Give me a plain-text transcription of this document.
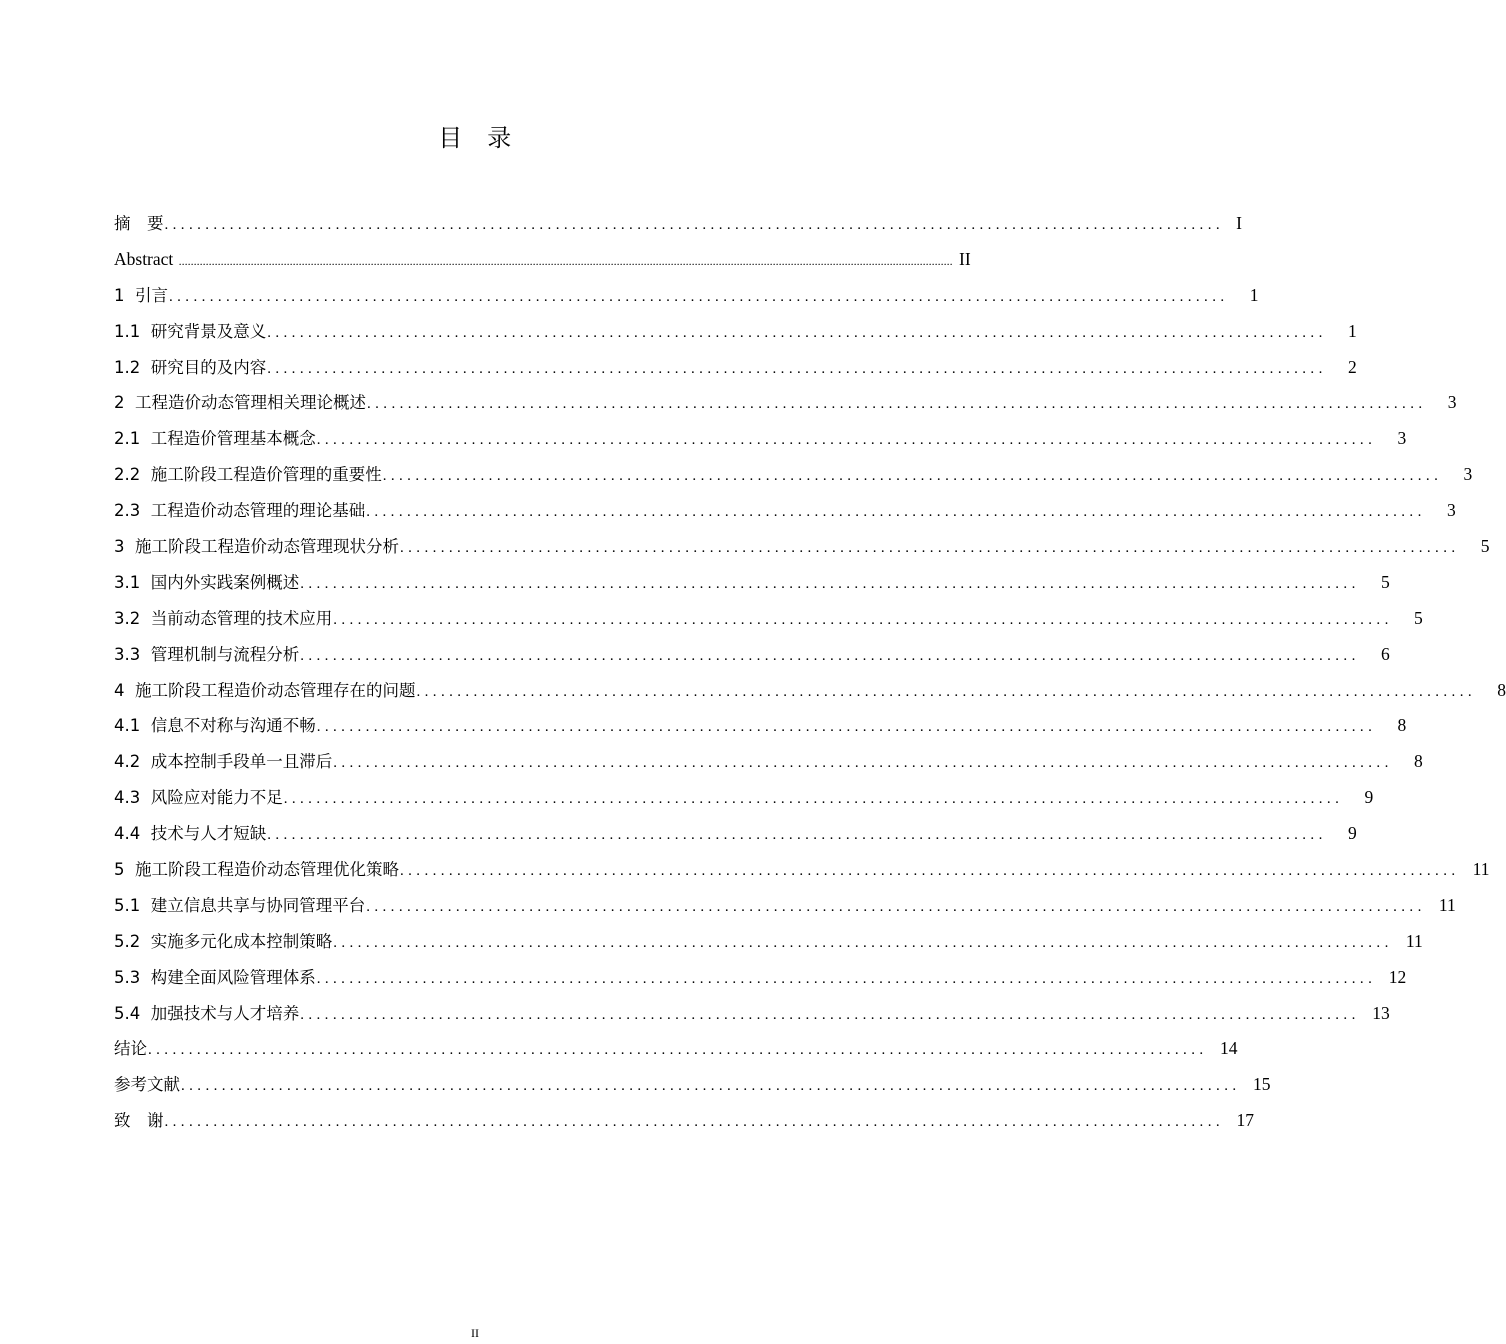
目　录
摘　要 .................................................................................................................................. I
Abstract .................................................................................................................................................................................................................................................................. II
1  引言 ..................................................................................................................................	1
1.1  研究背景及意义 ..................................................................................................................................	1
1.2  研究目的及内容 ..................................................................................................................................	2
2  工程造价动态管理相关理论概述 ..................................................................................................................................	3
2.1  工程造价管理基本概念 ..................................................................................................................................	3
2.2  施工阶段工程造价管理的重要性 ..................................................................................................................................	3
2.3  工程造价动态管理的理论基础 ..................................................................................................................................	3
3  施工阶段工程造价动态管理现状分析 ..................................................................................................................................	5
3.1  国内外实践案例概述 ..................................................................................................................................	5
3.2  当前动态管理的技术应用 ..................................................................................................................................	5
3.3  管理机制与流程分析 ..................................................................................................................................	6
4  施工阶段工程造价动态管理存在的问题 ..................................................................................................................................	8
4.1  信息不对称与沟通不畅 ..................................................................................................................................	8
4.2  成本控制手段单一且滞后 ..................................................................................................................................	8
4.3  风险应对能力不足 ..................................................................................................................................	9
4.4  技术与人才短缺 ..................................................................................................................................	9
5  施工阶段工程造价动态管理优化策略 .................................................................................................................................. 11
5.1  建立信息共享与协同管理平台 .................................................................................................................................. 11
5.2  实施多元化成本控制策略 .................................................................................................................................. 11
5.3  构建全面风险管理体系 .................................................................................................................................. 12
5.4  加强技术与人才培养 .................................................................................................................................. 13
结论 .................................................................................................................................. 14
参考文献 .................................................................................................................................. 15
致　谢 .................................................................................................................................. 17
II
